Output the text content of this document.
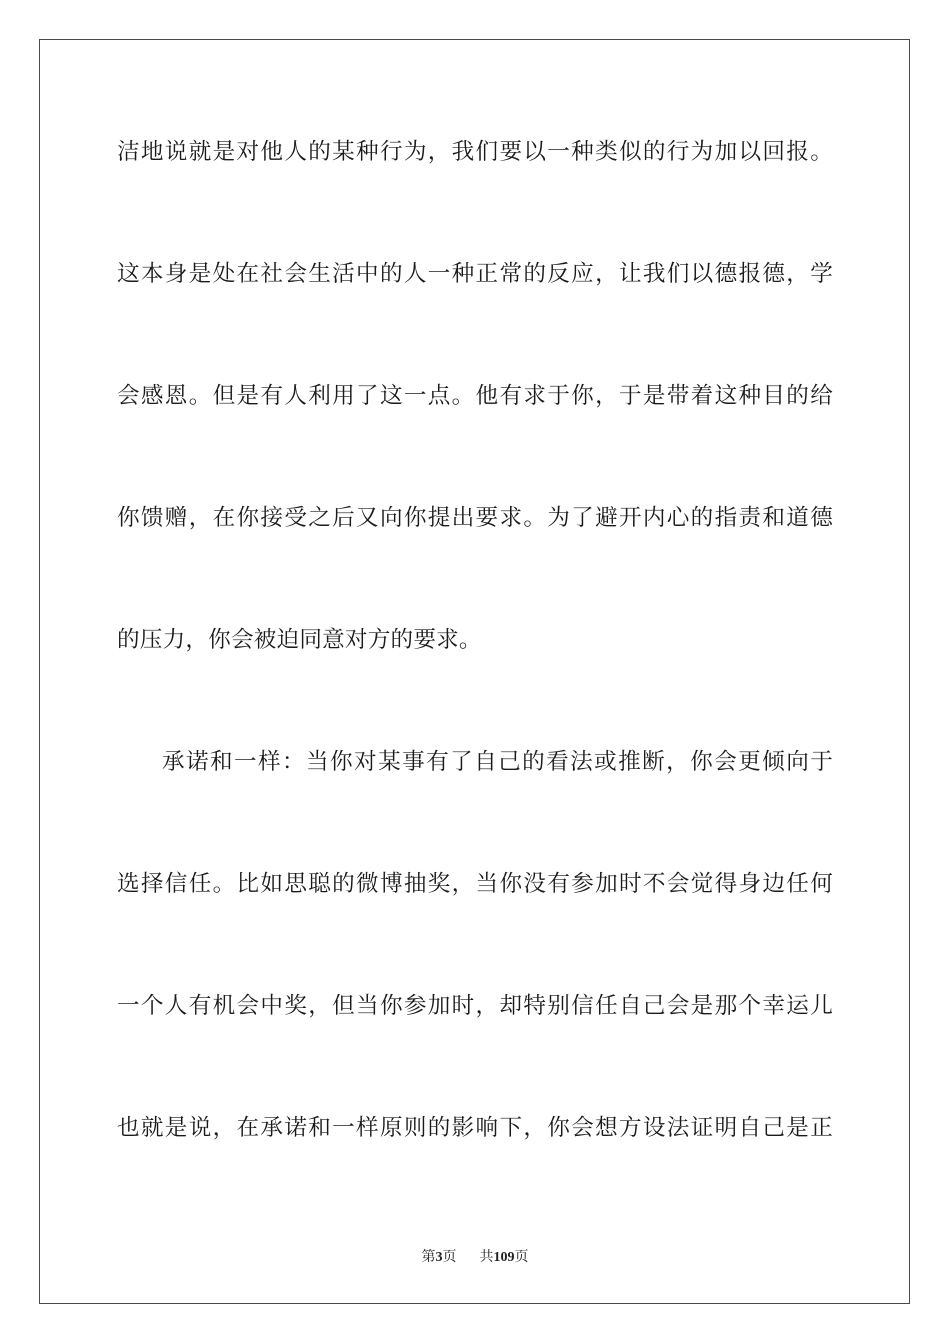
洁地说就是对他人的某种行为，我们要以一种类似的行为加以回报。
这本身是处在社会生活中的人一种正常的反应，让我们以德报德，学
会感恩。但是有人利用了这一点。他有求于你，于是带着这种目的给
你馈赠，在你接受之后又向你提出要求。为了避开内心的指责和道德
的压力，你会被迫同意对方的要求。
承诺和一样：当你对某事有了自己的看法或推断，你会更倾向于
选择信任。比如思聪的微博抽奖，当你没有参加时不会觉得身边任何
一个人有机会中奖，但当你参加时，却特别信任自己会是那个幸运儿
也就是说，在承诺和一样原则的影响下，你会想方设法证明自己是正
第3页 共109页
